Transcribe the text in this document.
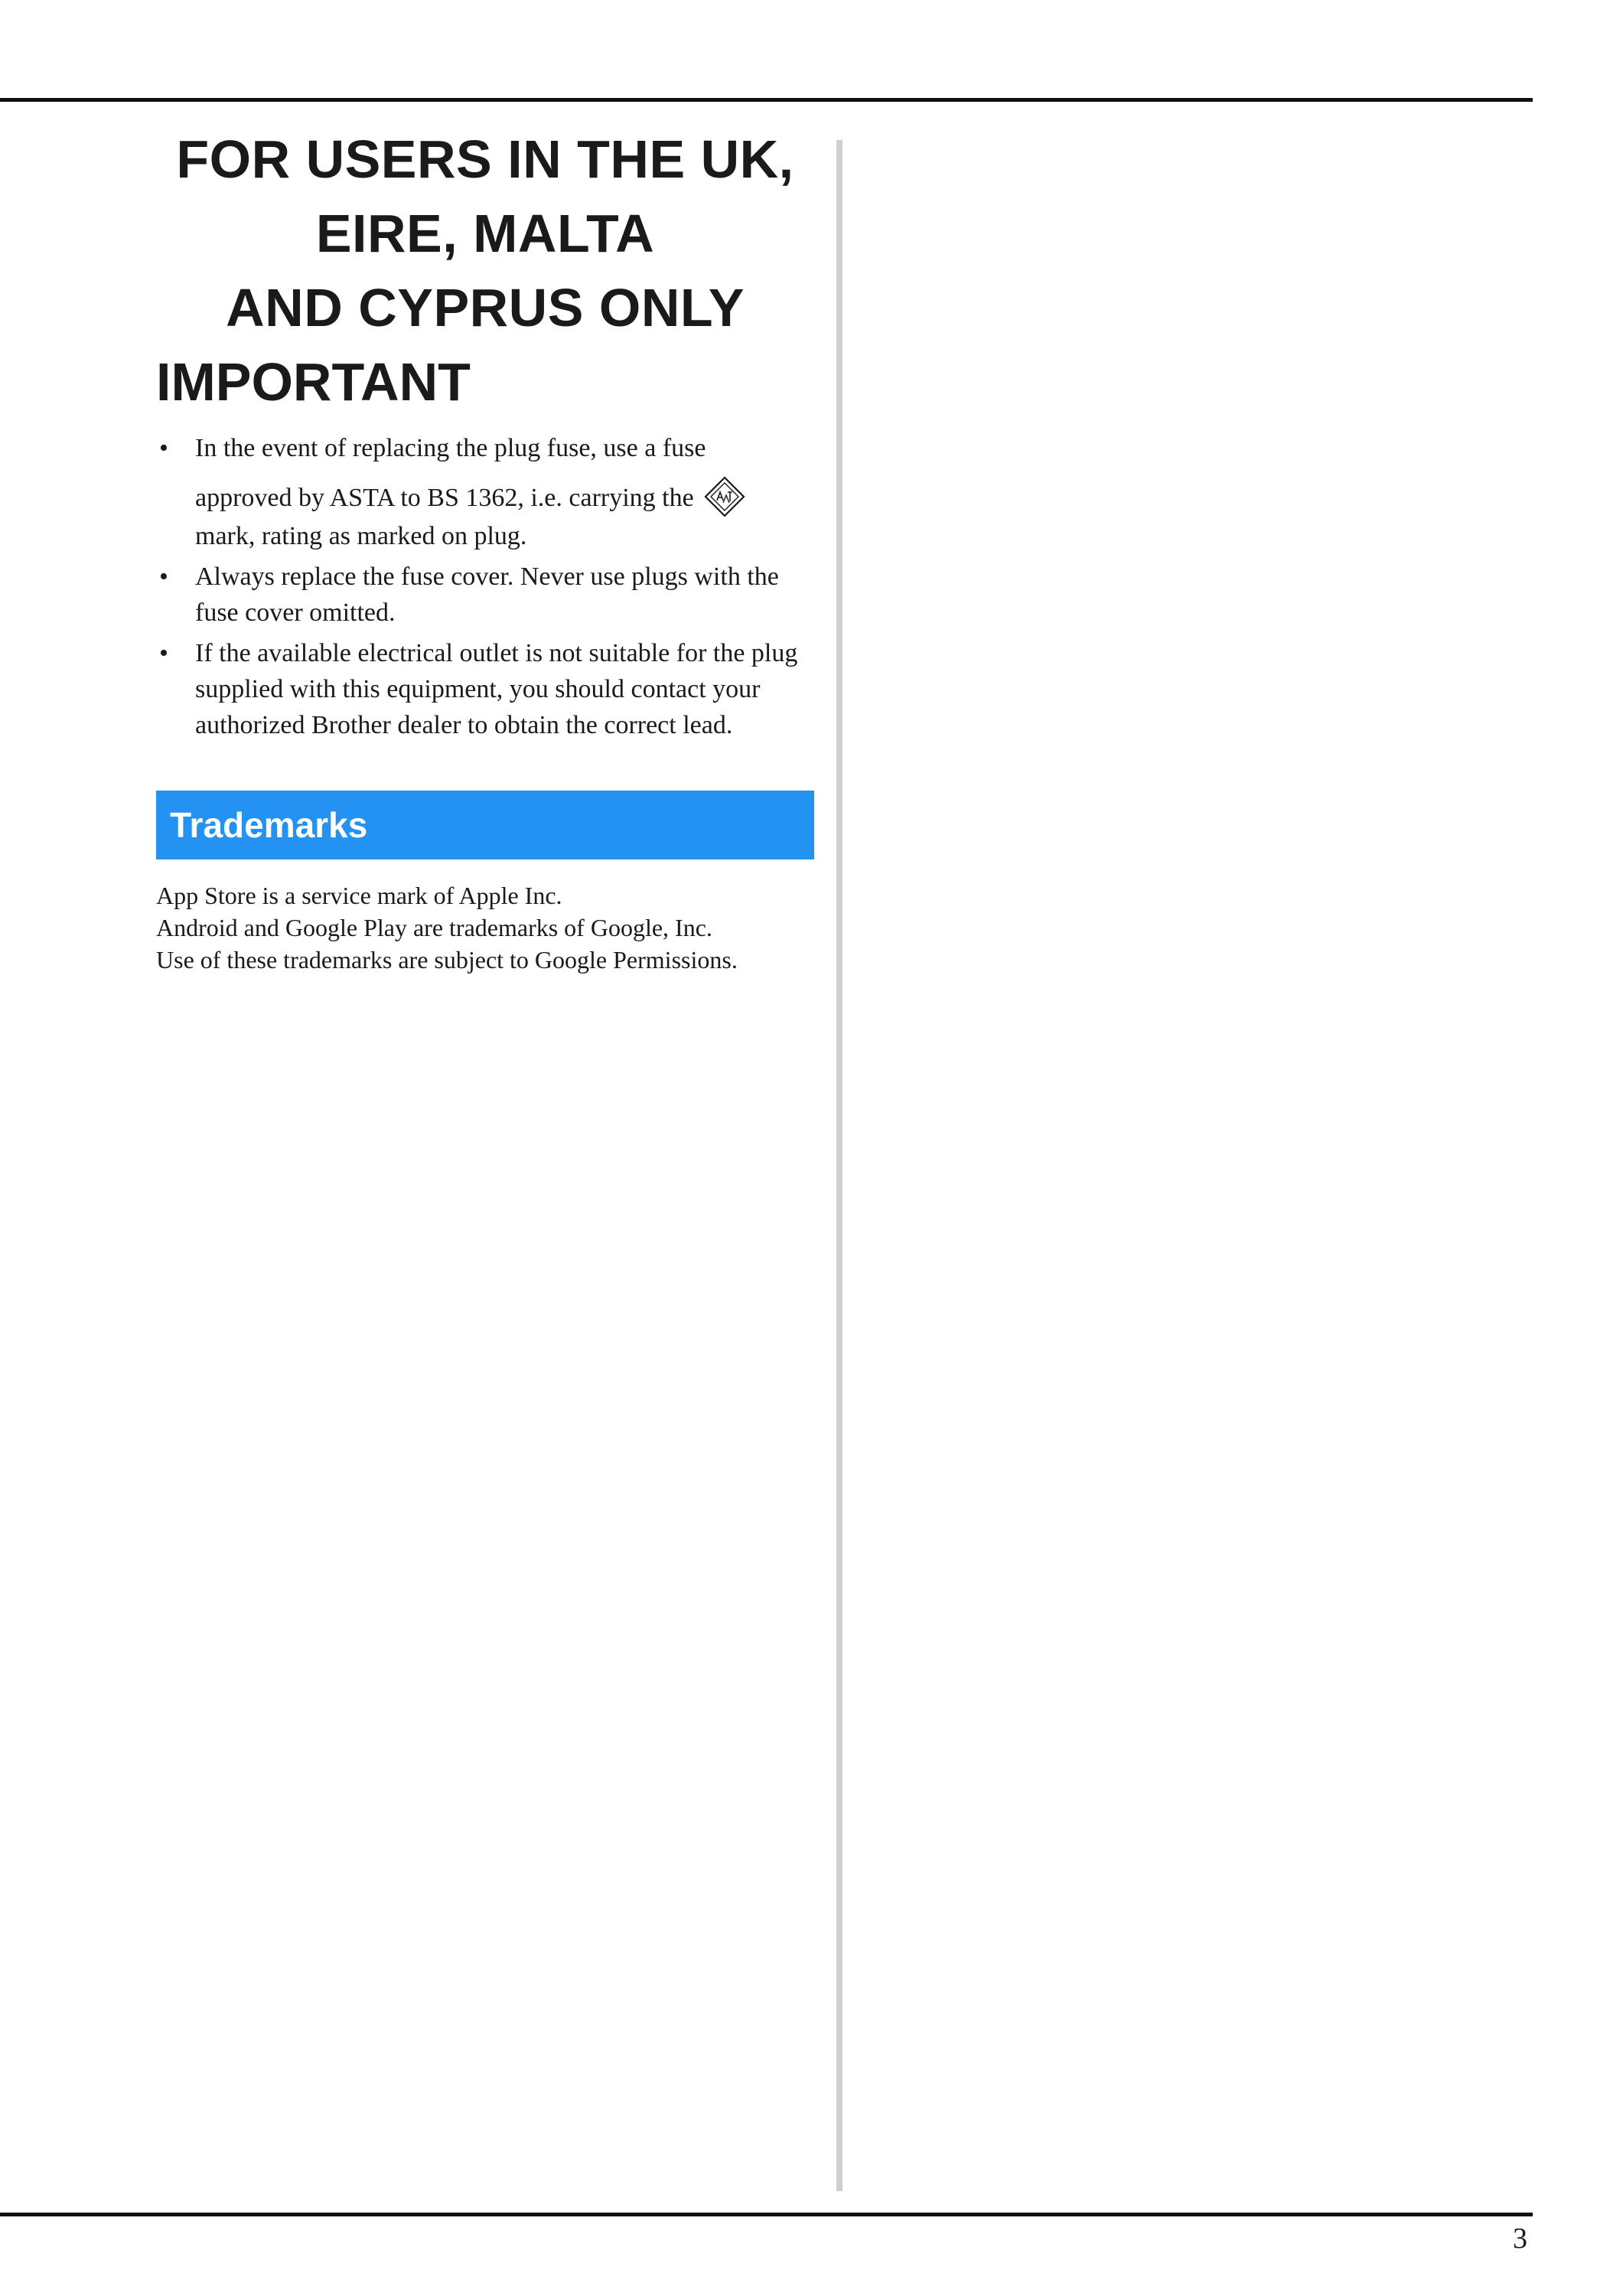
FOR USERS IN THE UK,
EIRE, MALTA
AND CYPRUS ONLY
IMPORTANT
• In the event of replacing the plug fuse, use a fuse
approved by ASTA to BS 1362, i.e. carrying the
mark, rating as marked on plug.
• Always replace the fuse cover. Never use plugs with the fuse cover omitted.
• If the available electrical outlet is not suitable for the plug supplied with this equipment, you should contact your authorized Brother dealer to obtain the correct lead.
Trademarks
App Store is a service mark of Apple Inc.
Android and Google Play are trademarks of Google, Inc.
Use of these trademarks are subject to Google Permissions.
3
